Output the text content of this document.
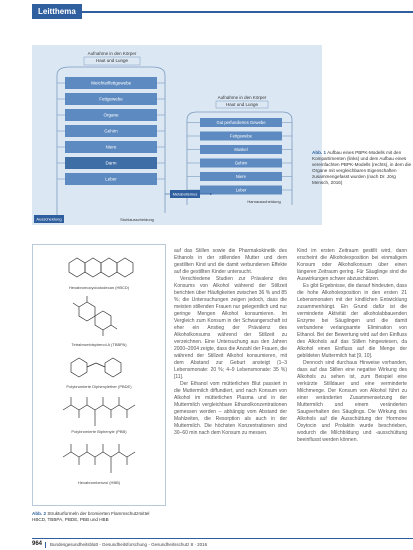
Leitthema
Aufnahme in den Körper
Haut und Lunge
Weichteilfettgewebe
Fettgewebe
Organe
Gehirn
Niere
Darm
Leber
Aufnahme in den Körper
Haut und Lunge
Gut perfundiertes Gewebe
Fettgewebe
Muskel
Gehirn
Niere
Leber
Metabolismus
Ausscheidung	Stuhlausscheidung
Harnausscheidung
Abb. 1 Aufbau eines PBPK-Modells mit den Kompartimenten (links) und dem Aufbau eines vereinfachten PBPK-Modells (rechts), in dem die Organe mit vergleichbaren Eigenschaften zusammengefasst wurden (nach Dr. Jörg Mensch, 2016)
Hexabromocyclododecan (HBCD)
Tetrabrombisphenol A (TBBPA)
Polybromierte Diphenylether (PBDE)
Polybromierte Biphenyle (PBB)
Hexabrombenzol (HBB)
Abb. 2 Strukturformeln der bromierten Flammschutzmittel HBCD, TBBPA, PBDE, PBB und HBB

auf das Stillen sowie die Pharmakokinetik des Ethanols in der stillenden Mutter und dem gestillten Kind und die damit verbundenen Effekte auf die gestillten Kinder untersucht.

Verschiedene Studien zur Prävalenz des Konsums von Alkohol während der Stillzeit berichten über Häufigkeiten zwischen 36 % und 85 %; die Untersuchungen zeigen jedoch, dass die meisten stillenden Frauen nur gelegentlich und nur geringe Mengen Alkohol konsumieren. Im Vergleich zum Konsum in der Schwangerschaft ist eher ein Anstieg der Prävalenz des Alkoholkonsums während der Stillzeit zu verzeichnen. Eine Untersuchung aus den Jahren 2000–2004 zeigte, dass die Anzahl der Frauen, die während der Stillzeit Alkohol konsumieren, mit dem Abstand zur Geburt ansteigt (1–3 Lebensmonate: 20 %; 4–9 Lebensmonate: 35 %) [11].

Der Ethanol vom mütterlichen Blut passiert in die Muttermilch diffundiert, und nach Konsum von Alkohol im mütterlichen Plasma und in der Muttermilch vergleichbare Ethanolkonzentrationen gemessen werden – abhängig vom Abstand der Mahlzeiten, die Resorption als auch in der Muttermilch. Die höchsten Konzentrationen sind 30–60 min nach dem Konsum zu messen.

Kind im ersten Zeitraum gestillt wird, dann erscheint die Alkoholexposition bei einmaligem Konsum oder Alkoholkonsum über einen längeren Zeitraum gering. Für Säuglinge sind die Auswirkungen schwer abzuschätzen.

Es gibt Ergebnisse, die darauf hindeuten, dass die hohe Alkoholexposition in den ersten 21 Lebensmonaten mit der kindlichen Entwicklung zusammenhängt. Ein Grund dafür ist die verminderte Aktivität der alkoholabbauenden Enzyme bei Säuglingen und die damit verbundene verlangsamte Elimination von Ethanol. Bei der Bewertung wird auf den Einfluss des Alkohols auf das Stillen hingewiesen, da Alkohol einen Einfluss auf die Menge der gebildeten Muttermilch hat [9, 10].

Dennoch sind durchaus Hinweise vorhanden, dass auf das Stillen eine negative Wirkung des Alkohols zu sehen ist, zum Beispiel eine verkürzte Stilldauer und eine verminderte Milchmenge. Der Konsum von Alkohol führt zu einer veränderten Zusammensetzung der Muttermilch und einem veränderten Saugverhalten des Säuglings. Die Wirkung des Alkohols auf die Ausschüttung der Hormone Oxytocin und Prolaktin wurde beschrieben, wodurch die Milchbildung und -ausschüttung beeinflusst werden können.

964 Bundesgesundheitsblatt - Gesundheitsforschung - Gesundheitsschutz 8 · 2016
